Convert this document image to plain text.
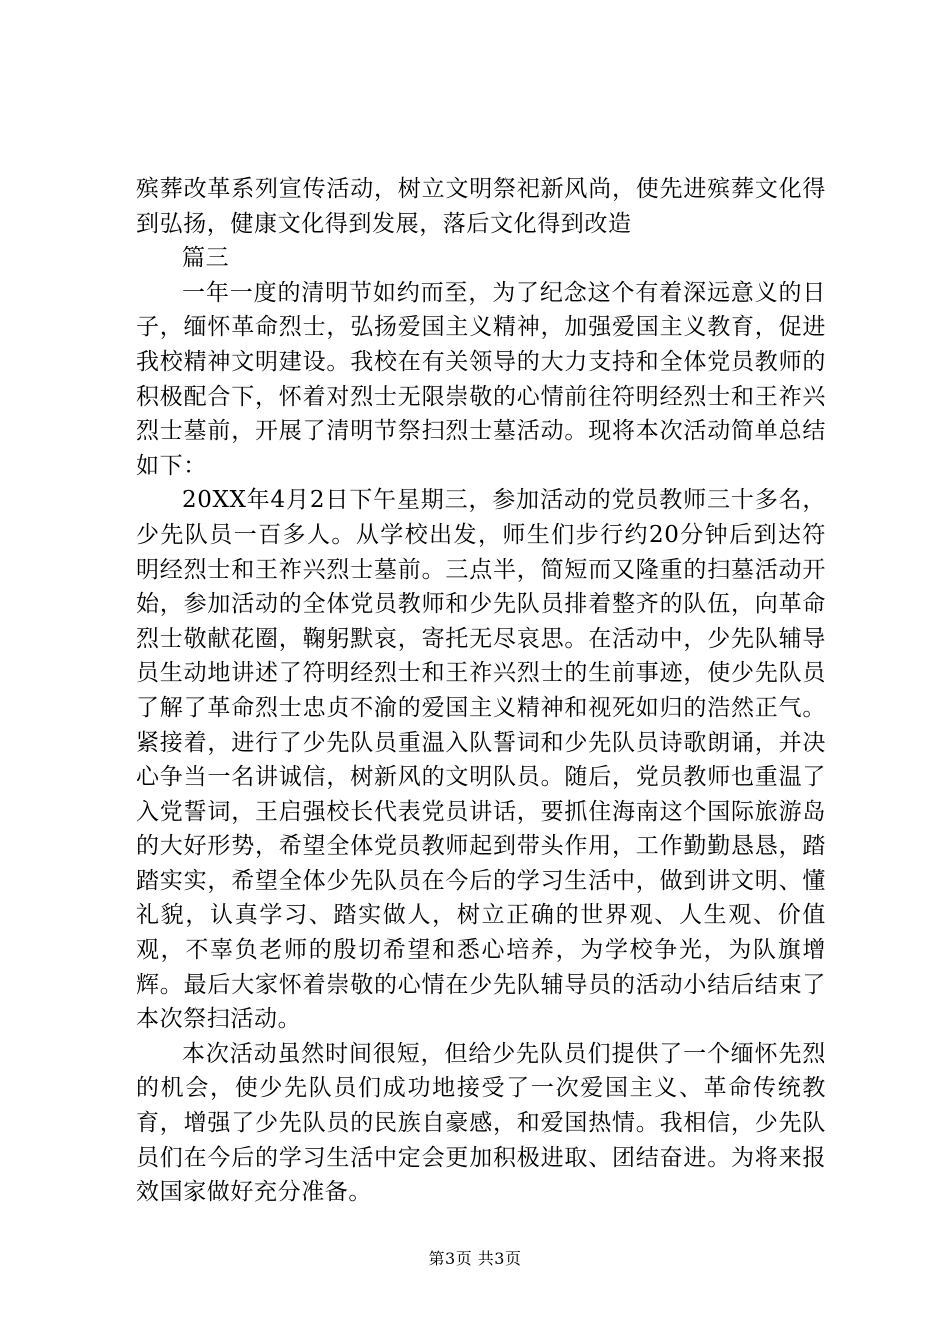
殡葬改革系列宣传活动，树立文明祭祀新风尚，使先进殡葬文化得到弘扬，健康文化得到发展，落后文化得到改造

篇三

一年一度的清明节如约而至，为了纪念这个有着深远意义的日子，缅怀革命烈士，弘扬爱国主义精神，加强爱国主义教育，促进我校精神文明建设。我校在有关领导的大力支持和全体党员教师的积极配合下，怀着对烈士无限崇敬的心情前往符明经烈士和王祚兴烈士墓前，开展了清明节祭扫烈士墓活动。现将本次活动简单总结如下：

20XX年4月2日下午星期三，参加活动的党员教师三十多名，少先队员一百多人。从学校出发，师生们步行约20分钟后到达符明经烈士和王祚兴烈士墓前。三点半，简短而又隆重的扫墓活动开始，参加活动的全体党员教师和少先队员排着整齐的队伍，向革命烈士敬献花圈，鞠躬默哀，寄托无尽哀思。在活动中，少先队辅导员生动地讲述了符明经烈士和王祚兴烈士的生前事迹，使少先队员了解了革命烈士忠贞不渝的爱国主义精神和视死如归的浩然正气。紧接着，进行了少先队员重温入队誓词和少先队员诗歌朗诵，并决心争当一名讲诚信，树新风的文明队员。随后，党员教师也重温了入党誓词，王启强校长代表党员讲话，要抓住海南这个国际旅游岛的大好形势，希望全体党员教师起到带头作用，工作勤勤恳恳，踏踏实实，希望全体少先队员在今后的学习生活中，做到讲文明、懂礼貌，认真学习、踏实做人，树立正确的世界观、人生观、价值观，不辜负老师的殷切希望和悉心培养，为学校争光，为队旗增辉。最后大家怀着崇敬的心情在少先队辅导员的活动小结后结束了本次祭扫活动。

本次活动虽然时间很短，但给少先队员们提供了一个缅怀先烈的机会，使少先队员们成功地接受了一次爱国主义、革命传统教育，增强了少先队员的民族自豪感，和爱国热情。我相信，少先队员们在今后的学习生活中定会更加积极进取、团结奋进。为将来报效国家做好充分准备。

第3页 共3页
